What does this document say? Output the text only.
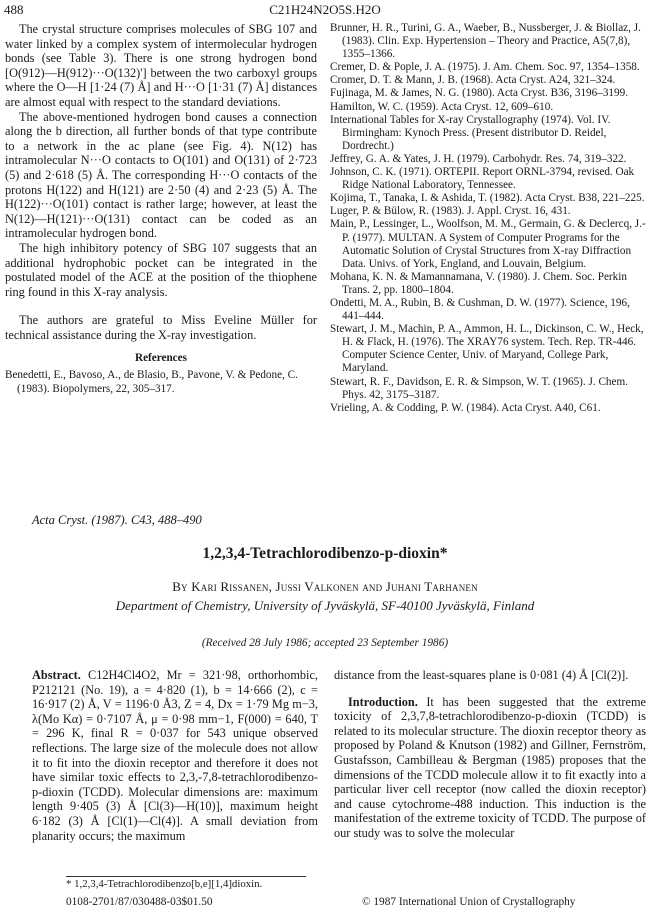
488	C21H24N2O5S.H2O

The crystal structure comprises molecules of SBG 107 and water linked by a complex system of intermolecular hydrogen bonds (see Table 3). There is one strong hydrogen bond [O(912)—H(912)···O(132)'] between the two carboxyl groups where the O—H [1·24 (7) Å] and H···O [1·31 (7) Å] distances are almost equal with respect to the standard deviations.

The above-mentioned hydrogen bond causes a connection along the b direction, all further bonds of that type contribute to a network in the ac plane (see Fig. 4). N(12) has intramolecular N···O contacts to O(101) and O(131) of 2·723 (5) and 2·618 (5) Å. The corresponding H···O contacts of the protons H(122) and H(121) are 2·50 (4) and 2·23 (5) Å. The H(122)···O(101) contact is rather large; however, at least the N(12)—H(121)···O(131) contact can be coded as an intramolecular hydrogen bond.

The high inhibitory potency of SBG 107 suggests that an additional hydrophobic pocket can be integrated in the postulated model of the ACE at the position of the thiophene ring found in this X-ray analysis.

The authors are grateful to Miss Eveline Müller for technical assistance during the X-ray investigation.

References

Benedetti, E., Bavoso, A., de Blasio, B., Pavone, V. & Pedone, C. (1983). Biopolymers, 22, 305–317.

Brunner, H. R., Turini, G. A., Waeber, B., Nussberger, J. & Biollaz, J. (1983). Clin. Exp. Hypertension – Theory and Practice, A5(7,8), 1355–1366.

Cremer, D. & Pople, J. A. (1975). J. Am. Chem. Soc. 97, 1354–1358.

Cromer, D. T. & Mann, J. B. (1968). Acta Cryst. A24, 321–324.

Fujinaga, M. & James, N. G. (1980). Acta Cryst. B36, 3196–3199.

Hamilton, W. C. (1959). Acta Cryst. 12, 609–610.

International Tables for X-ray Crystallography (1974). Vol. IV. Birmingham: Kynoch Press. (Present distributor D. Reidel, Dordrecht.)

Jeffrey, G. A. & Yates, J. H. (1979). Carbohydr. Res. 74, 319–322.

Johnson, C. K. (1971). ORTEPII. Report ORNL-3794, revised. Oak Ridge National Laboratory, Tennessee.

Kojima, T., Tanaka, I. & Ashida, T. (1982). Acta Cryst. B38, 221–225.

Luger, P. & Bülow, R. (1983). J. Appl. Cryst. 16, 431.

Main, P., Lessinger, L., Woolfson, M. M., Germain, G. & Declercq, J.-P. (1977). MULTAN. A System of Computer Programs for the Automatic Solution of Crystal Structures from X-ray Diffraction Data. Univs. of York, England, and Louvain, Belgium.

Mohana, K. N. & Mamannamana, V. (1980). J. Chem. Soc. Perkin Trans. 2, pp. 1800–1804.

Ondetti, M. A., Rubin, B. & Cushman, D. W. (1977). Science, 196, 441–444.

Stewart, J. M., Machin, P. A., Ammon, H. L., Dickinson, C. W., Heck, H. & Flack, H. (1976). The XRAY76 system. Tech. Rep. TR-446. Computer Science Center, Univ. of Maryand, College Park, Maryland.

Stewart, R. F., Davidson, E. R. & Simpson, W. T. (1965). J. Chem. Phys. 42, 3175–3187.

Vrieling, A. & Codding, P. W. (1984). Acta Cryst. A40, C61.

Acta Cryst. (1987). C43, 488–490
1,2,3,4-Tetrachlorodibenzo-p-dioxin*
By Kari Rissanen, Jussi Valkonen and Juhani Tarhanen
Department of Chemistry, University of Jyväskylä, SF-40100 Jyväskylä, Finland
(Received 28 July 1986; accepted 23 September 1986)

Abstract. C12H4Cl4O2, Mr = 321·98, orthorhombic, P212121 (No. 19), a = 4·820 (1), b = 14·666 (2), c = 16·917 (2) Å, V = 1196·0 Å3, Z = 4, Dx = 1·79 Mg m−3, λ(Mo Kα) = 0·7107 Å, μ = 0·98 mm−1, F(000) = 640, T = 296 K, final R = 0·037 for 543 unique observed reflections. The large size of the molecule does not allow it to fit into the dioxin receptor and therefore it does not have similar toxic effects to 2,3,-7,8-tetrachlorodibenzo-p-dioxin (TCDD). Molecular dimensions are: maximum length 9·405 (3) Å [Cl(3)—H(10)], maximum height 6·182 (3) Å [Cl(1)—Cl(4)]. A small deviation from planarity occurs; the maximum

distance from the least-squares plane is 0·081 (4) Å [Cl(2)].

Introduction. It has been suggested that the extreme toxicity of 2,3,7,8-tetrachlorodibenzo-p-dioxin (TCDD) is related to its molecular structure. The dioxin receptor theory as proposed by Poland & Knutson (1982) and Gillner, Fernström, Gustafsson, Cambilleau & Bergman (1985) proposes that the dimensions of the TCDD molecule allow it to fit exactly into a particular liver cell receptor (now called the dioxin receptor) and cause cytochrome-488 induction. This induction is the manifestation of the extreme toxicity of TCDD. The purpose of our study was to solve the molecular

* 1,2,3,4-Tetrachlorodibenzo[b,e][1,4]dioxin.
0108-2701/87/030488-03$01.50	© 1987 International Union of Crystallography
